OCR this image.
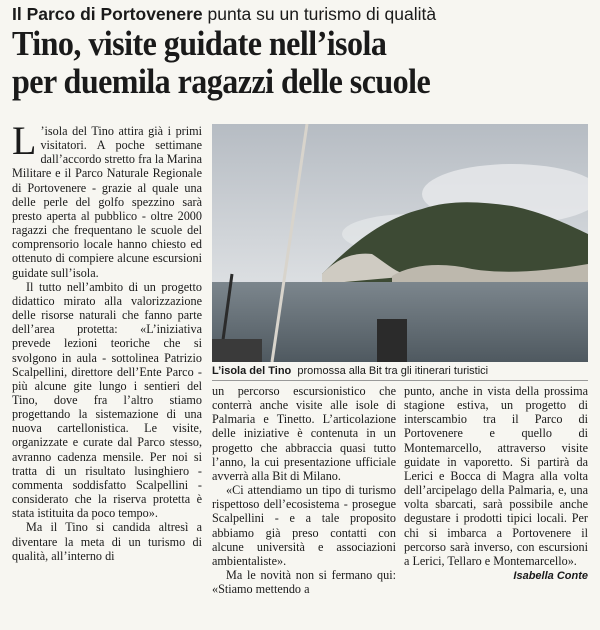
Il Parco di Portovenere punta su un turismo di qualità
Tino, visite guidate nell’isola
per duemila ragazzi delle scuole

L ’isola del Tino attira già i primi visitatori. A poche settimane dall’accordo stretto fra la Marina Militare e il Parco Naturale Regionale di Portovenere - grazie al quale una delle perle del golfo spezzino sarà presto aperta al pubblico - oltre 2000 ragazzi che frequentano le scuole del comprensorio locale hanno chiesto ed ottenuto di compiere alcune escursioni guidate sull’isola.

Il tutto nell’ambito di un progetto didattico mirato alla valorizzazione delle risorse naturali che fanno parte dell’area protetta: «L’iniziativa prevede lezioni teoriche che si svolgono in aula - sottolinea Patrizio Scalpellini, direttore dell’Ente Parco - più alcune gite lungo i sentieri del Tino, dove fra l’altro stiamo progettando la sistemazione di una nuova cartellonistica. Le visite, organizzate e curate dal Parco stesso, avranno cadenza mensile. Per noi si tratta di un risultato lusinghiero - commenta soddisfatto Scalpellini - considerato che la riserva protetta è stata istituita da poco tempo».

Ma il Tino si candida altresì a diventare la meta di un turismo di qualità, all’interno di

L’isola del Tino promossa alla Bit tra gli itinerari turistici

un percorso escursionistico che conterrà anche visite alle isole di Palmaria e Tinetto. L’articolazione delle iniziative è contenuta in un progetto che abbraccia quasi tutto l’anno, la cui presentazione ufficiale avverrà alla Bit di Milano.

«Ci attendiamo un tipo di turismo rispettoso dell’ecosistema - prosegue Scalpellini - e a tale proposito abbiamo già preso contatti con alcune università e associazioni ambientaliste».

Ma le novità non si fermano qui: «Stiamo mettendo a

punto, anche in vista della prossima stagione estiva, un progetto di interscambio tra il Parco di Portovenere e quello di Montemarcello, attraverso visite guidate in vaporetto. Si partirà da Lerici e Bocca di Magra alla volta dell’arcipelago della Palmaria, e, una volta sbarcati, sarà possibile anche degustare i prodotti tipici locali. Per chi si imbarca a Portovenere il percorso sarà inverso, con escursioni a Lerici, Tellaro e Montemarcello».

Isabella Conte
